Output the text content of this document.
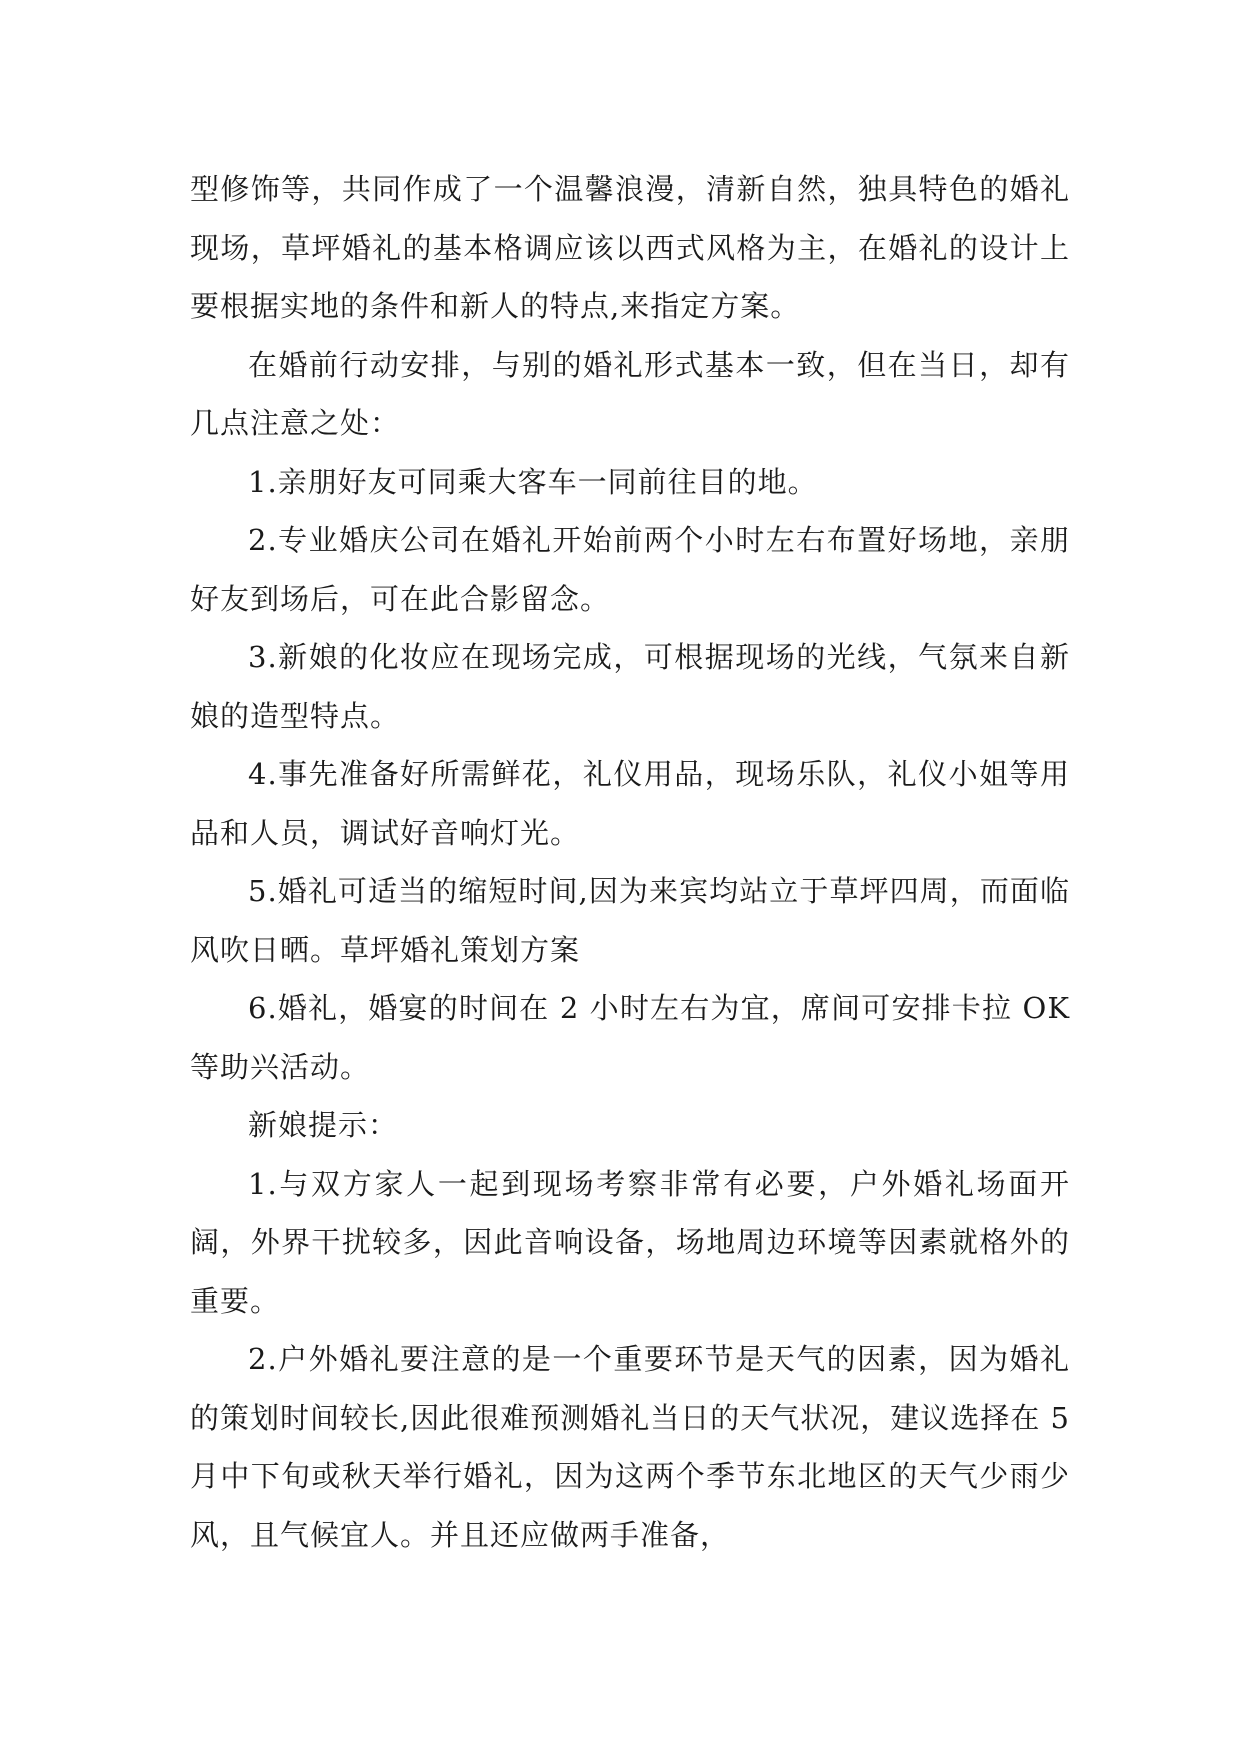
型修饰等，共同作成了一个温馨浪漫，清新自然，独具特色的婚礼现场，草坪婚礼的基本格调应该以西式风格为主，在婚礼的设计上要根据实地的条件和新人的特点,来指定方案。

在婚前行动安排，与别的婚礼形式基本一致，但在当日，却有几点注意之处：

1.亲朋好友可同乘大客车一同前往目的地。

2.专业婚庆公司在婚礼开始前两个小时左右布置好场地，亲朋好友到场后，可在此合影留念。

3.新娘的化妆应在现场完成，可根据现场的光线，气氛来自新娘的造型特点。

4.事先准备好所需鲜花，礼仪用品，现场乐队，礼仪小姐等用品和人员，调试好音响灯光。

5.婚礼可适当的缩短时间,因为来宾均站立于草坪四周，而面临风吹日晒。草坪婚礼策划方案

6.婚礼，婚宴的时间在 2 小时左右为宜，席间可安排卡拉 OK 等助兴活动。

新娘提示：

1.与双方家人一起到现场考察非常有必要，户外婚礼场面开阔，外界干扰较多，因此音响设备，场地周边环境等因素就格外的重要。

2.户外婚礼要注意的是一个重要环节是天气的因素，因为婚礼的策划时间较长,因此很难预测婚礼当日的天气状况，建议选择在 5 月中下旬或秋天举行婚礼，因为这两个季节东北地区的天气少雨少风，且气候宜人。并且还应做两手准备，
